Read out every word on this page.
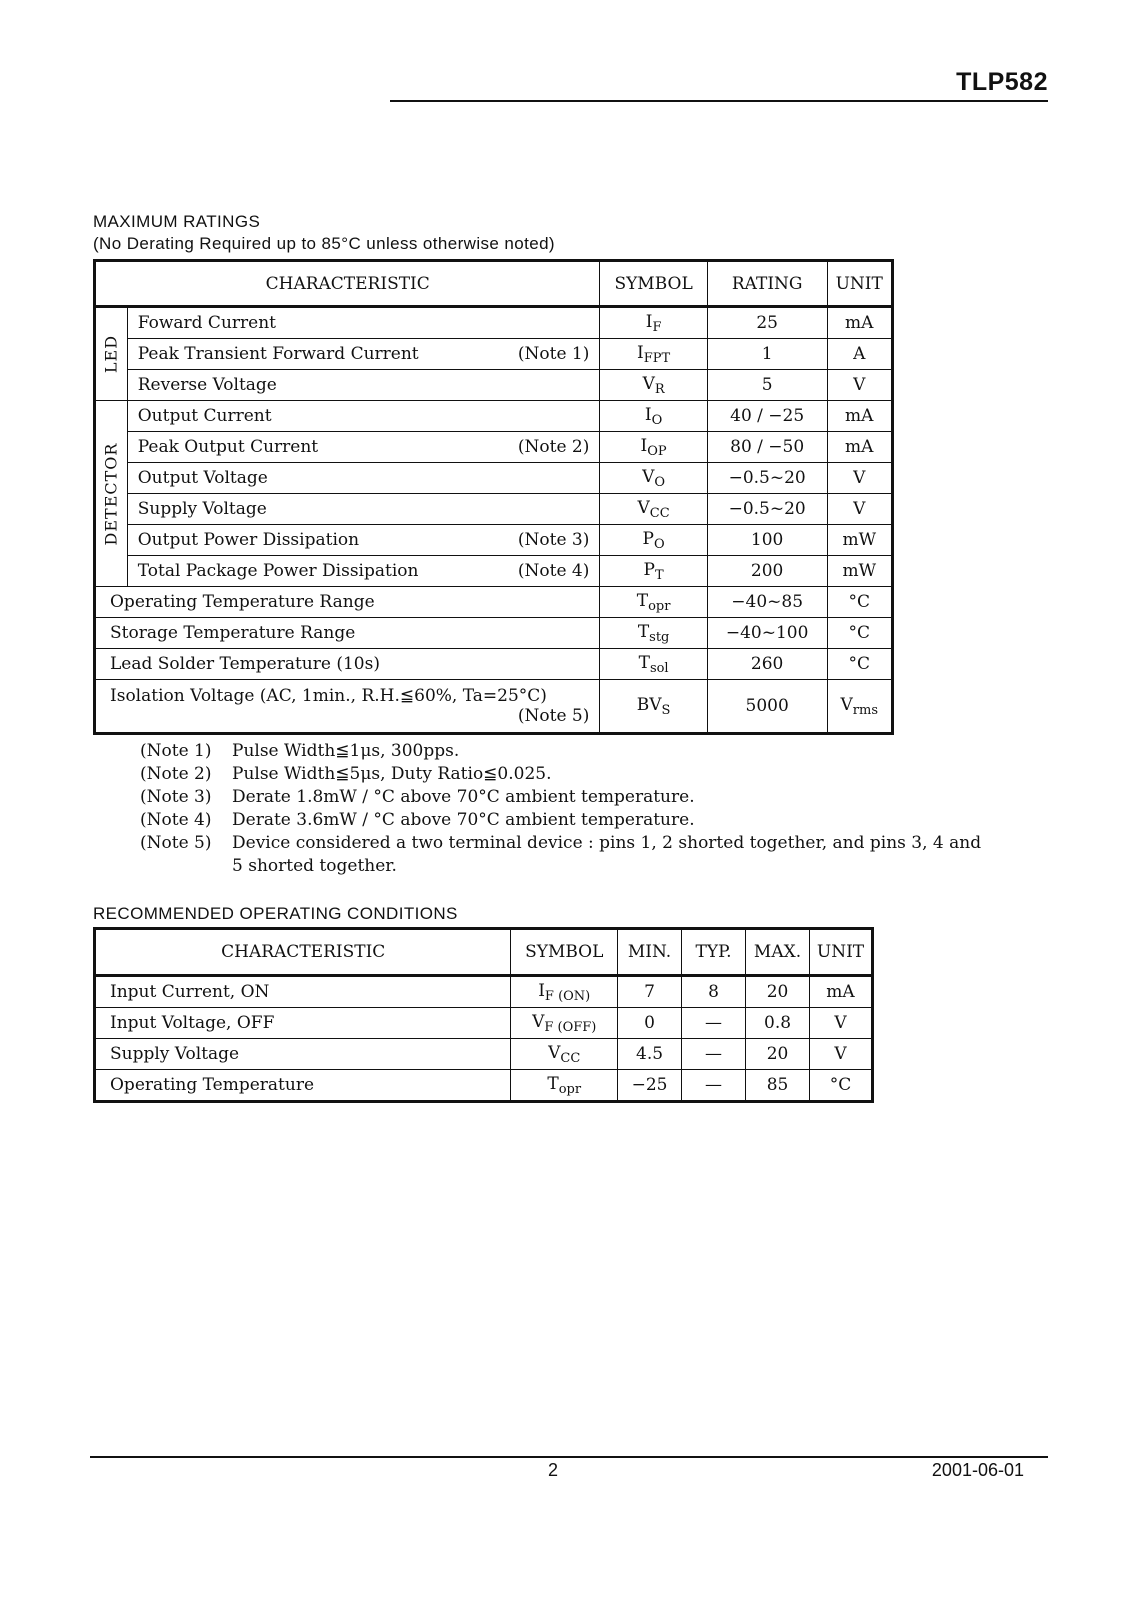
TLP582
MAXIMUM RATINGS
(No Derating Required up to 85°C unless otherwise noted)
CHARACTERISTIC		SYMBOL	RATING	UNIT

LED	Foward Current	$I_F$	25	mA
	Peak Transient Forward Current (Note 1)	$I_{FPT}$	1	A
	Reverse Voltage	$V_R$	5	V

DETECTOR	Output Current	$I_O$	40 / −25	mA
	Peak Output Current (Note 2)	$I_{OP}$	80 / −50	mA
	Output Voltage	$V_O$	−0.5~20	V
	Supply Voltage	$V_{CC}$	−0.5~20	V
	Output Power Dissipation (Note 3)	$P_O$	100	mW
	Total Package Power Dissipation (Note 4)	$P_T$	200	mW
Operating Temperature Range		$T_{opr}$	−40~85	°C
Storage Temperature Range		$T_{stg}$	−40~100	°C
Lead Solder Temperature (10s)		$T_{sol}$	260	°C

Isolation Voltage (AC, 1min., R.H.≦60%, Ta=25°C)
(Note 5)		$BV_S$	5000	$V_{rms}$
(Note 1)	Pulse Width≦1μs, 300pps.
(Note 2)	Pulse Width≦5μs, Duty Ratio≦0.025.
(Note 3)	Derate 1.8mW / °C above 70°C ambient temperature.
(Note 4)	Derate 3.6mW / °C above 70°C ambient temperature.
(Note 5)	Device considered a two terminal device : pins 1, 2 shorted together, and pins 3, 4 and 5 shorted together.
RECOMMENDED OPERATING CONDITIONS
CHARACTERISTIC	SYMBOL	MIN.	TYP.	MAX.	UNIT
Input Current, ON	$I_{F (ON)}$	7	8	20	mA
Input Voltage, OFF	$V_{F (OFF)}$	0	—	0.8	V
Supply Voltage	$V_{CC}$	4.5	—	20	V
Operating Temperature	$T_{opr}$	−25	—	85	°C
2	2001-06-01
